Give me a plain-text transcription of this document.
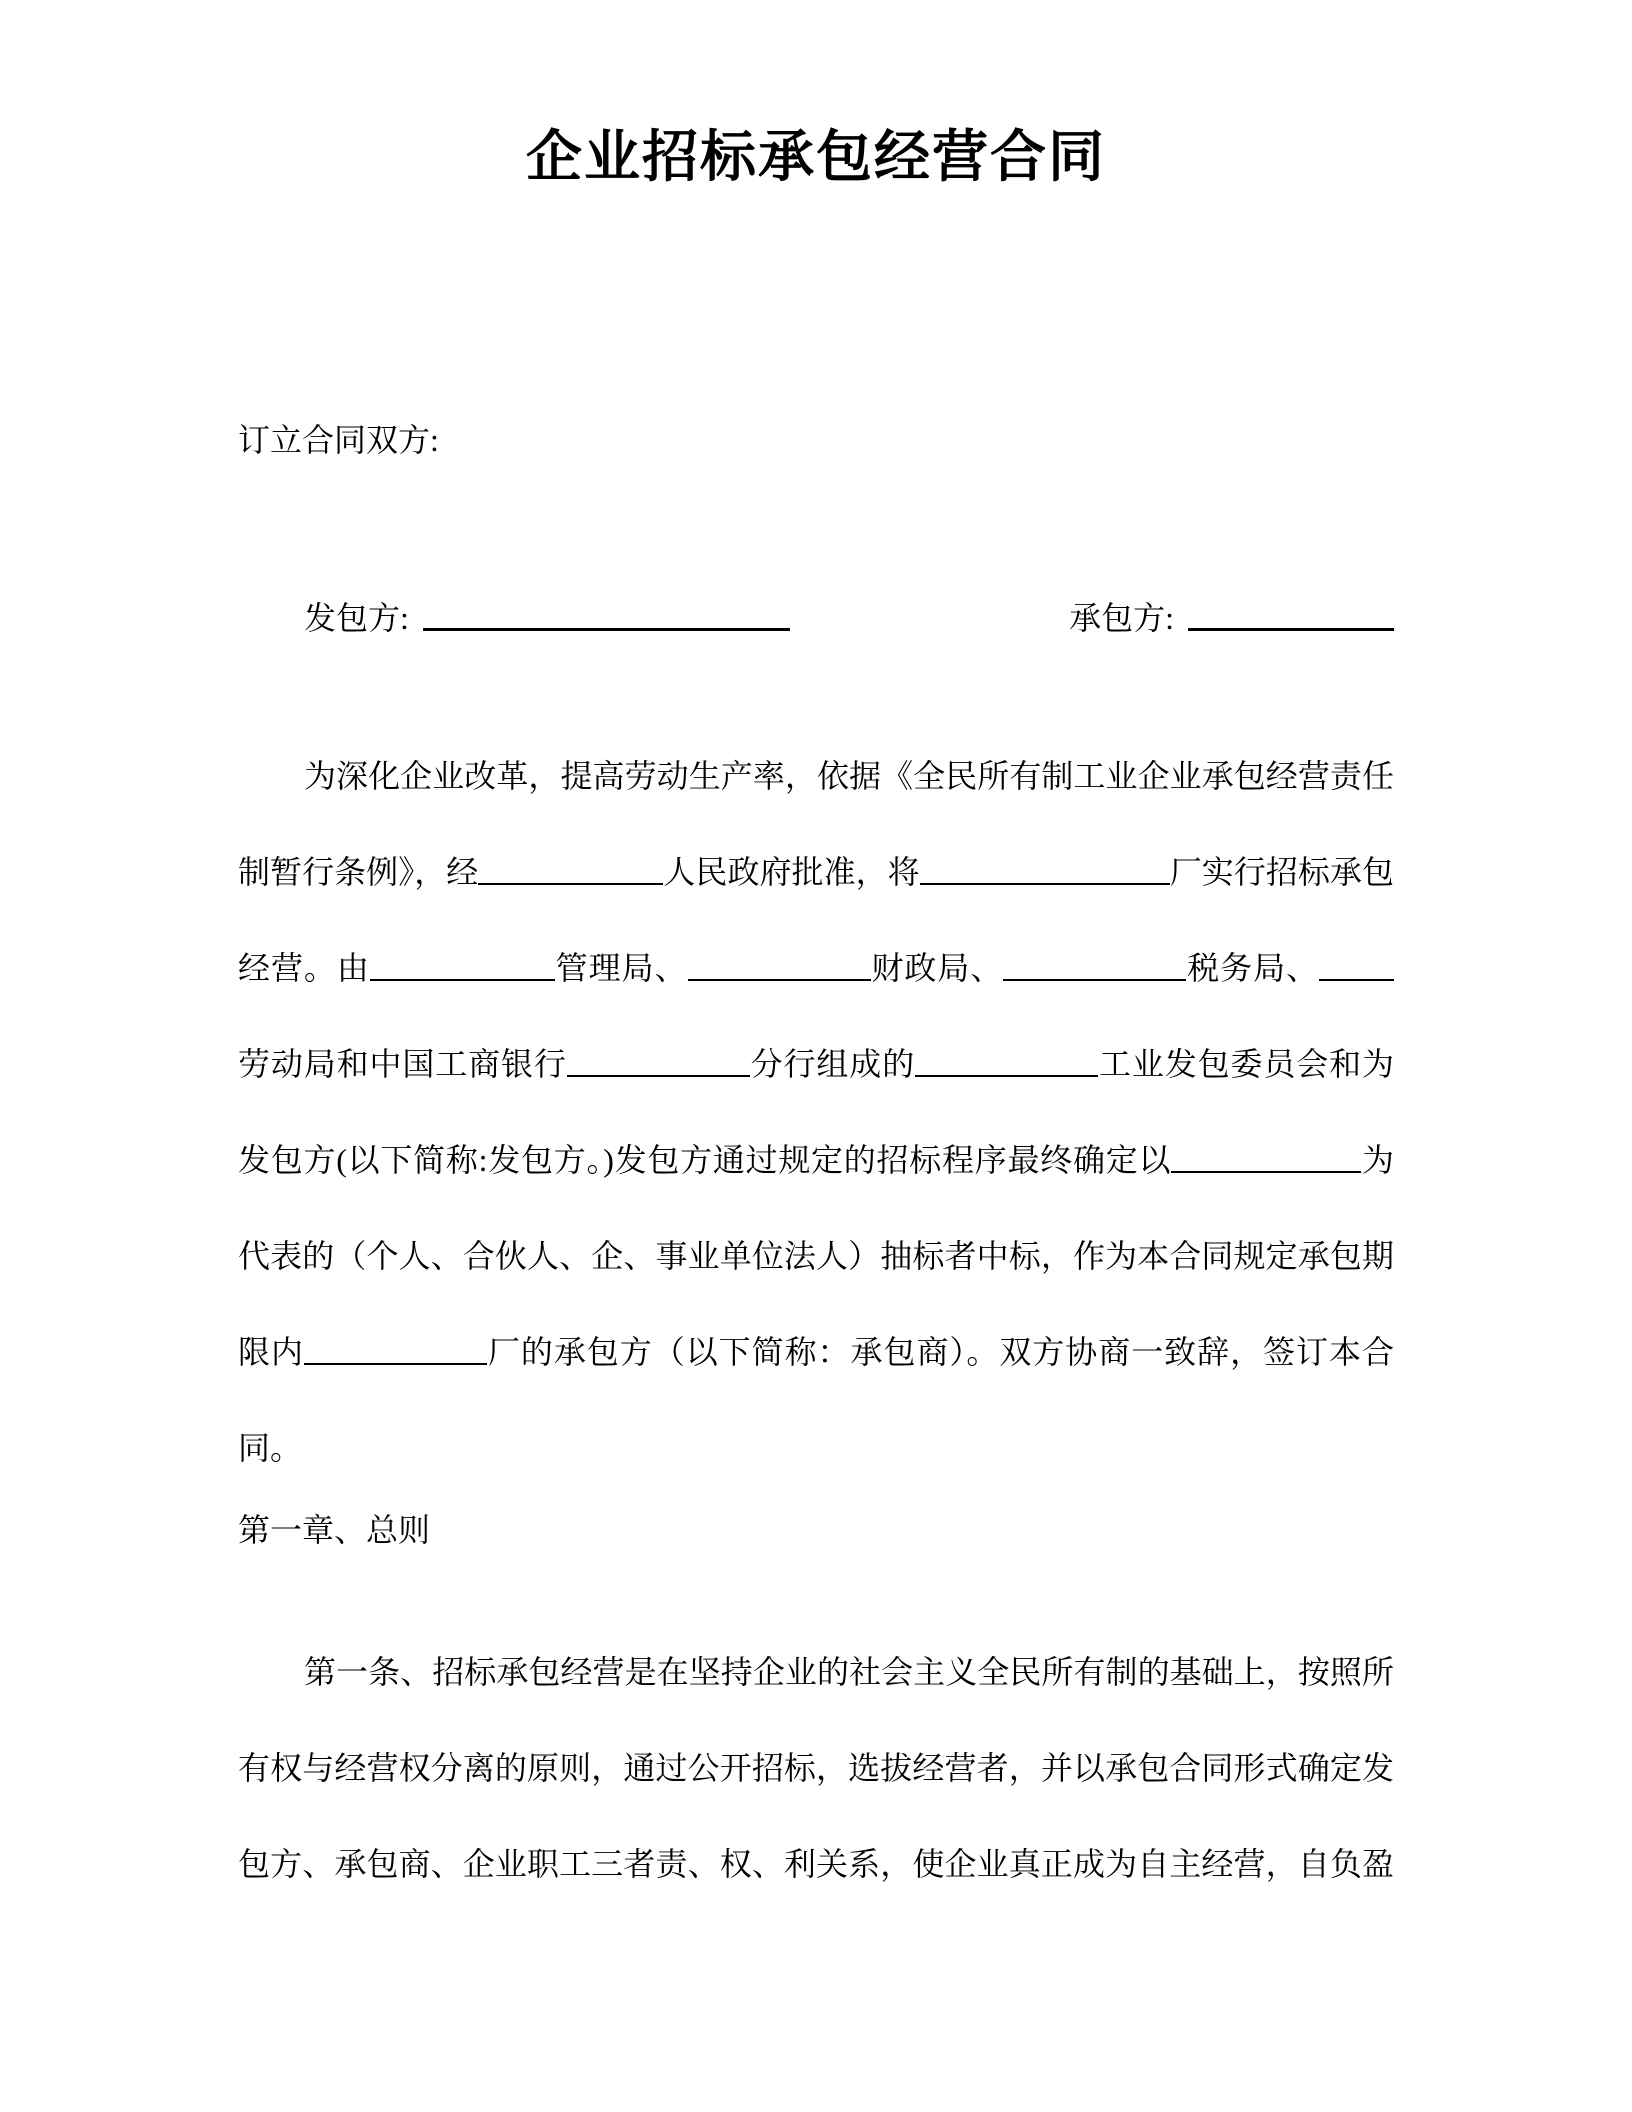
企业招标承包经营合同
订立合同双方:
发包方:	承包方:
为深化企业改革，提高劳动生产率，依据《全民所有制工业企业承包经营责任
制暂行条例》，经	人民政府批准，将	厂实行招标承包
经营。由	管理局、	财政局、	税务局、
劳动局和中国工商银行	分行组成的	工业发包委员会和为
发包方(以下简称:发包方。)发包方通过规定的招标程序最终确定以	为
代表的（个人、合伙人、企、事业单位法人）抽标者中标，作为本合同规定承包期
限内	厂的承包方（以下简称：承包商）。双方协商一致辞，签订本合
同。
第一章、总则
第一条、招标承包经营是在坚持企业的社会主义全民所有制的基础上，按照所
有权与经营权分离的原则，通过公开招标，选拔经营者，并以承包合同形式确定发
包方、承包商、企业职工三者责、权、利关系，使企业真正成为自主经营，自负盈
